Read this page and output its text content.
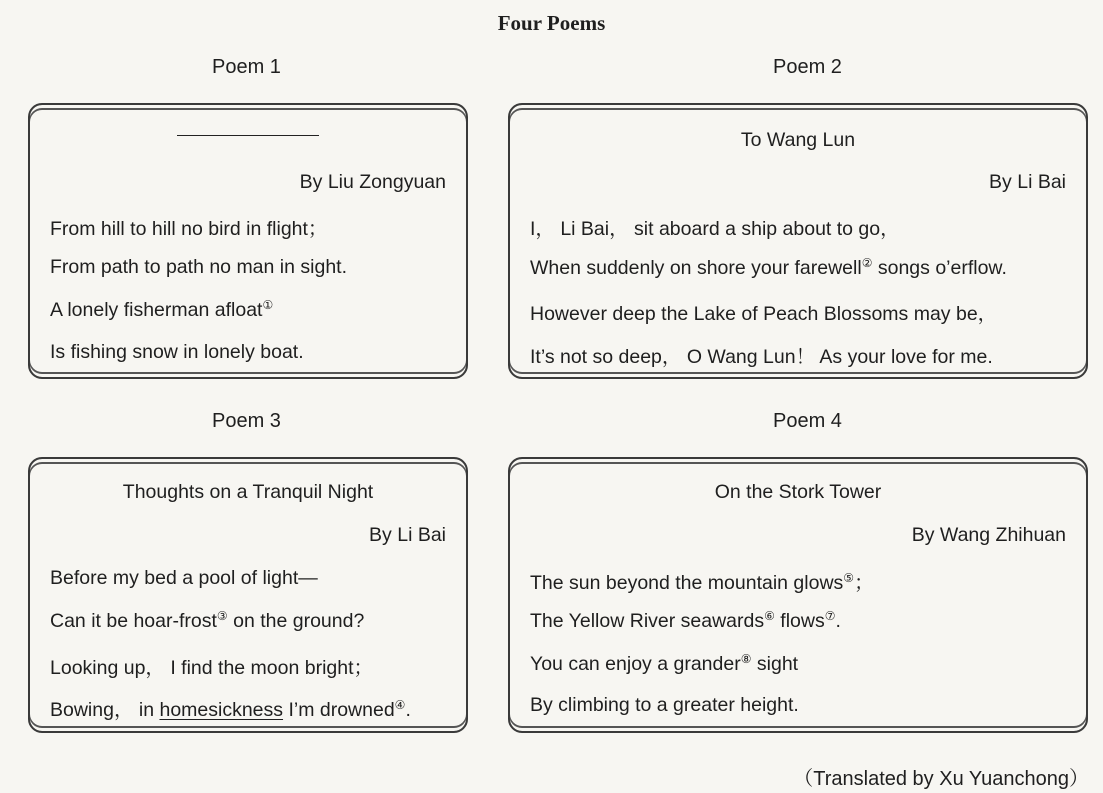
Four Poems
Poem 1
By Liu Zongyuan
From hill to hill no bird in flight；
From path to path no man in sight.
A lonely fisherman afloat①
Is fishing snow in lonely boat.
Poem 2
To Wang Lun
By Li Bai
I， Li Bai， sit aboard a ship about to go，
When suddenly on shore your farewell② songs o’erflow.
However deep the Lake of Peach Blossoms may be，
It’s not so deep， O Wang Lun！ As your love for me.
Poem 3
Thoughts on a Tranquil Night
By Li Bai
Before my bed a pool of light—
Can it be hoar-frost③ on the ground?
Looking up， I find the moon bright；
Bowing， in homesickness I’m drowned④.
Poem 4
On the Stork Tower
By Wang Zhihuan
The sun beyond the mountain glows⑤；
The Yellow River seawards⑥ flows⑦.
You can enjoy a grander⑧ sight
By climbing to a greater height.
（Translated by Xu Yuanchong）
